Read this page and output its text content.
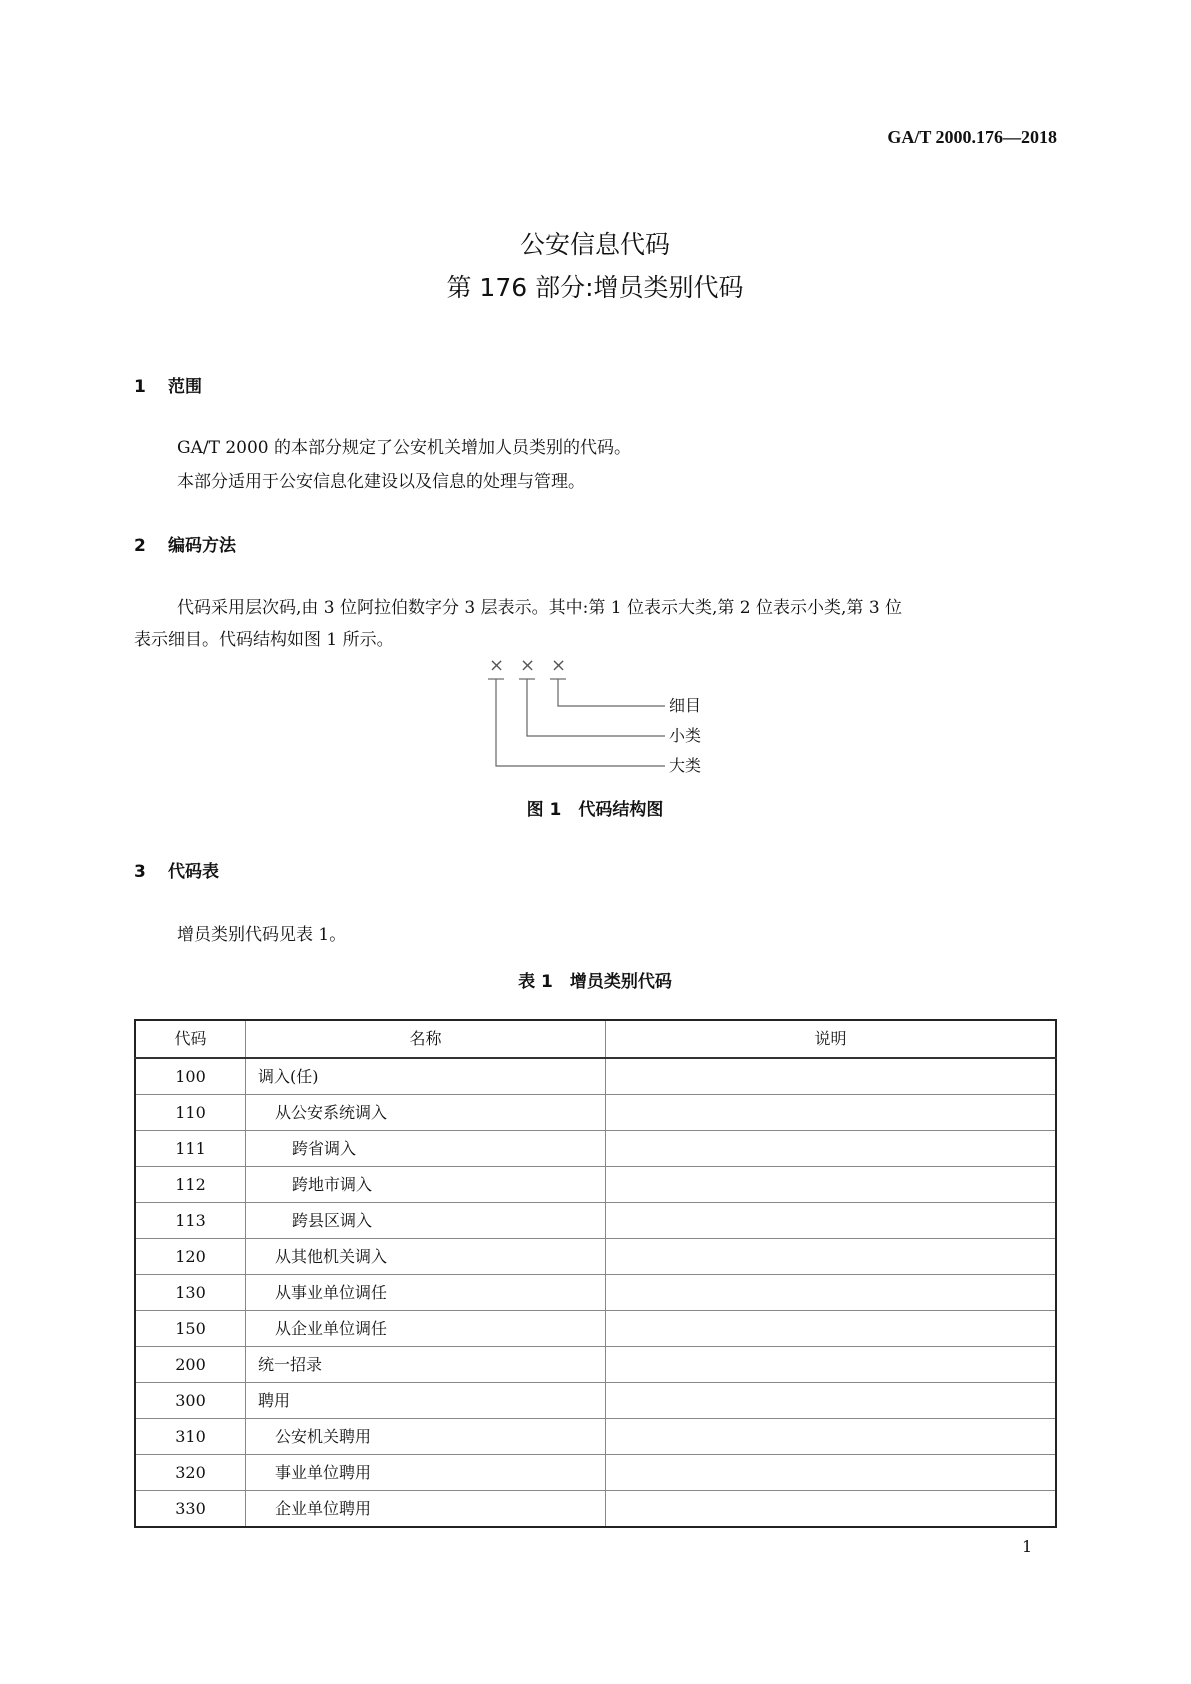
GA/T 2000.176—2018
公安信息代码
第 176 部分:增员类别代码
1 范围
GA/T 2000 的本部分规定了公安机关增加人员类别的代码。
本部分适用于公安信息化建设以及信息的处理与管理。
2 编码方法
代码采用层次码,由 3 位阿拉伯数字分 3 层表示。其中:第 1 位表示大类,第 2 位表示小类,第 3 位
表示细目。代码结构如图 1 所示。
× × ×
细目
小类
大类
图 1　代码结构图
3 代码表
增员类别代码见表 1。
表 1　增员类别代码
代码	名称	说明
100	调入(任)	
110	从公安系统调入	
111	跨省调入	
112	跨地市调入	
113	跨县区调入	
120	从其他机关调入	
130	从事业单位调任	
150	从企业单位调任	
200	统一招录	
300	聘用	
310	公安机关聘用	
320	事业单位聘用	
330	企业单位聘用	
1
